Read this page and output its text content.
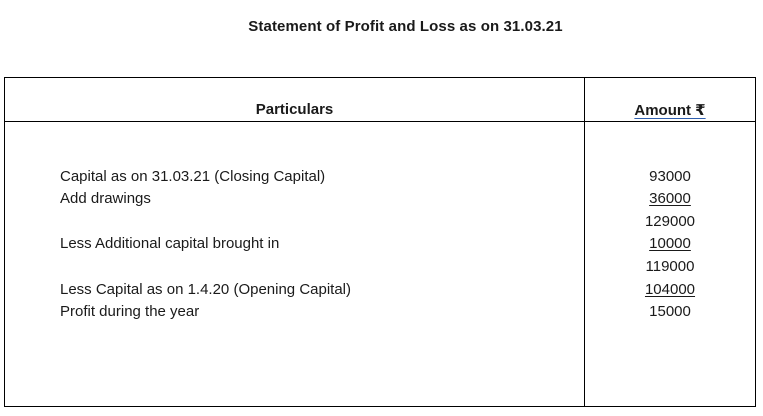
Statement of Profit and Loss as on 31.03.21
Particulars	Amount ₹
Capital as on 31.03.21 (Closing Capital)
Add drawings
Less Additional capital brought in
Less Capital as on 1.4.20 (Opening Capital)
Profit during the year
93000
36000
129000
10000
119000
104000
15000
